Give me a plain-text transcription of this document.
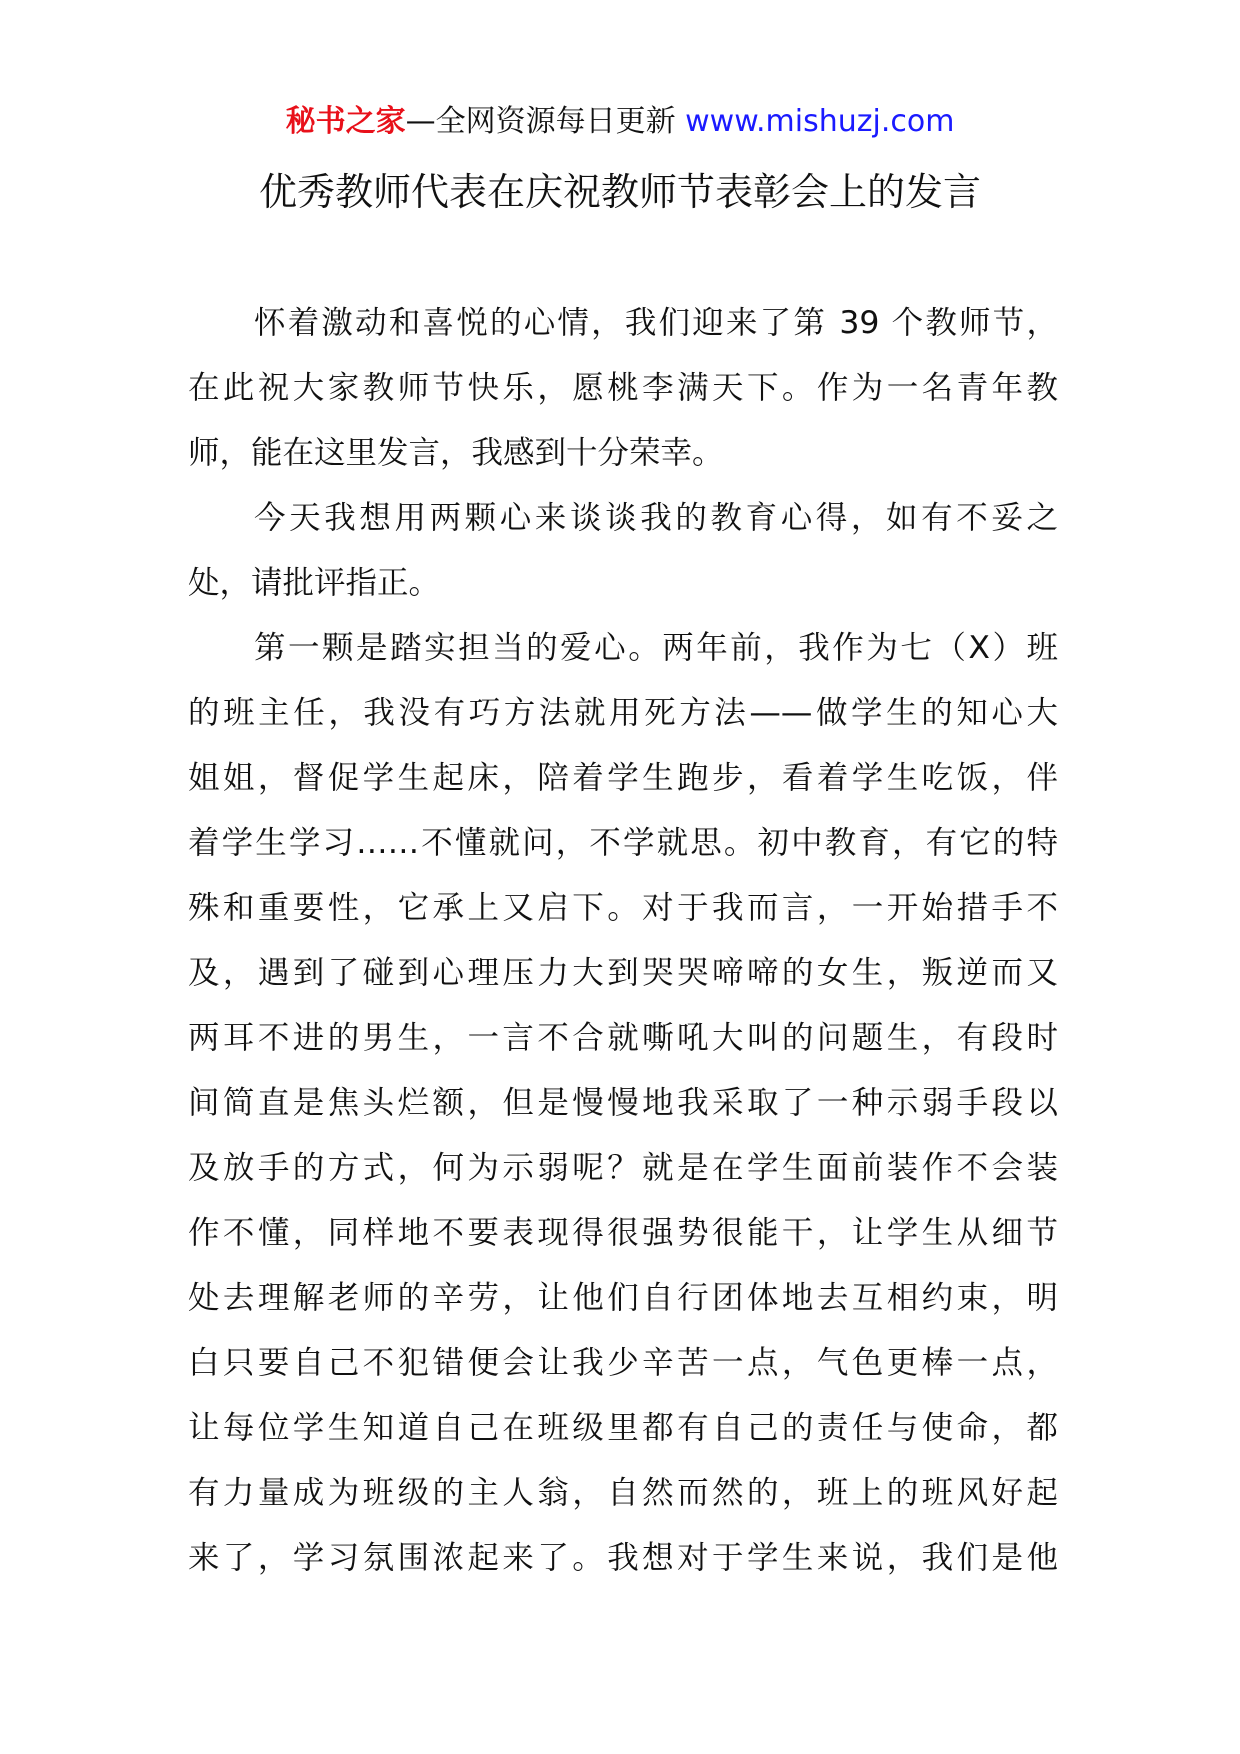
秘书之家—全网资源每日更新 www.mishuzj.com
优秀教师代表在庆祝教师节表彰会上的发言
怀着激动和喜悦的心情，我们迎来了第 39 个教师节，
在此祝大家教师节快乐，愿桃李满天下。作为一名青年教
师，能在这里发言，我感到十分荣幸。
今天我想用两颗心来谈谈我的教育心得，如有不妥之
处，请批评指正。
第一颗是踏实担当的爱心。两年前，我作为七（X）班
的班主任，我没有巧方法就用死方法——做学生的知心大
姐姐，督促学生起床，陪着学生跑步，看着学生吃饭，伴
着学生学习……不懂就问，不学就思。初中教育，有它的特
殊和重要性，它承上又启下。对于我而言，一开始措手不
及，遇到了碰到心理压力大到哭哭啼啼的女生，叛逆而又
两耳不进的男生，一言不合就嘶吼大叫的问题生，有段时
间简直是焦头烂额，但是慢慢地我采取了一种示弱手段以
及放手的方式，何为示弱呢？就是在学生面前装作不会装
作不懂，同样地不要表现得很强势很能干，让学生从细节
处去理解老师的辛劳，让他们自行团体地去互相约束，明
白只要自己不犯错便会让我少辛苦一点，气色更棒一点，
让每位学生知道自己在班级里都有自己的责任与使命，都
有力量成为班级的主人翁，自然而然的，班上的班风好起
来了，学习氛围浓起来了。我想对于学生来说，我们是他
